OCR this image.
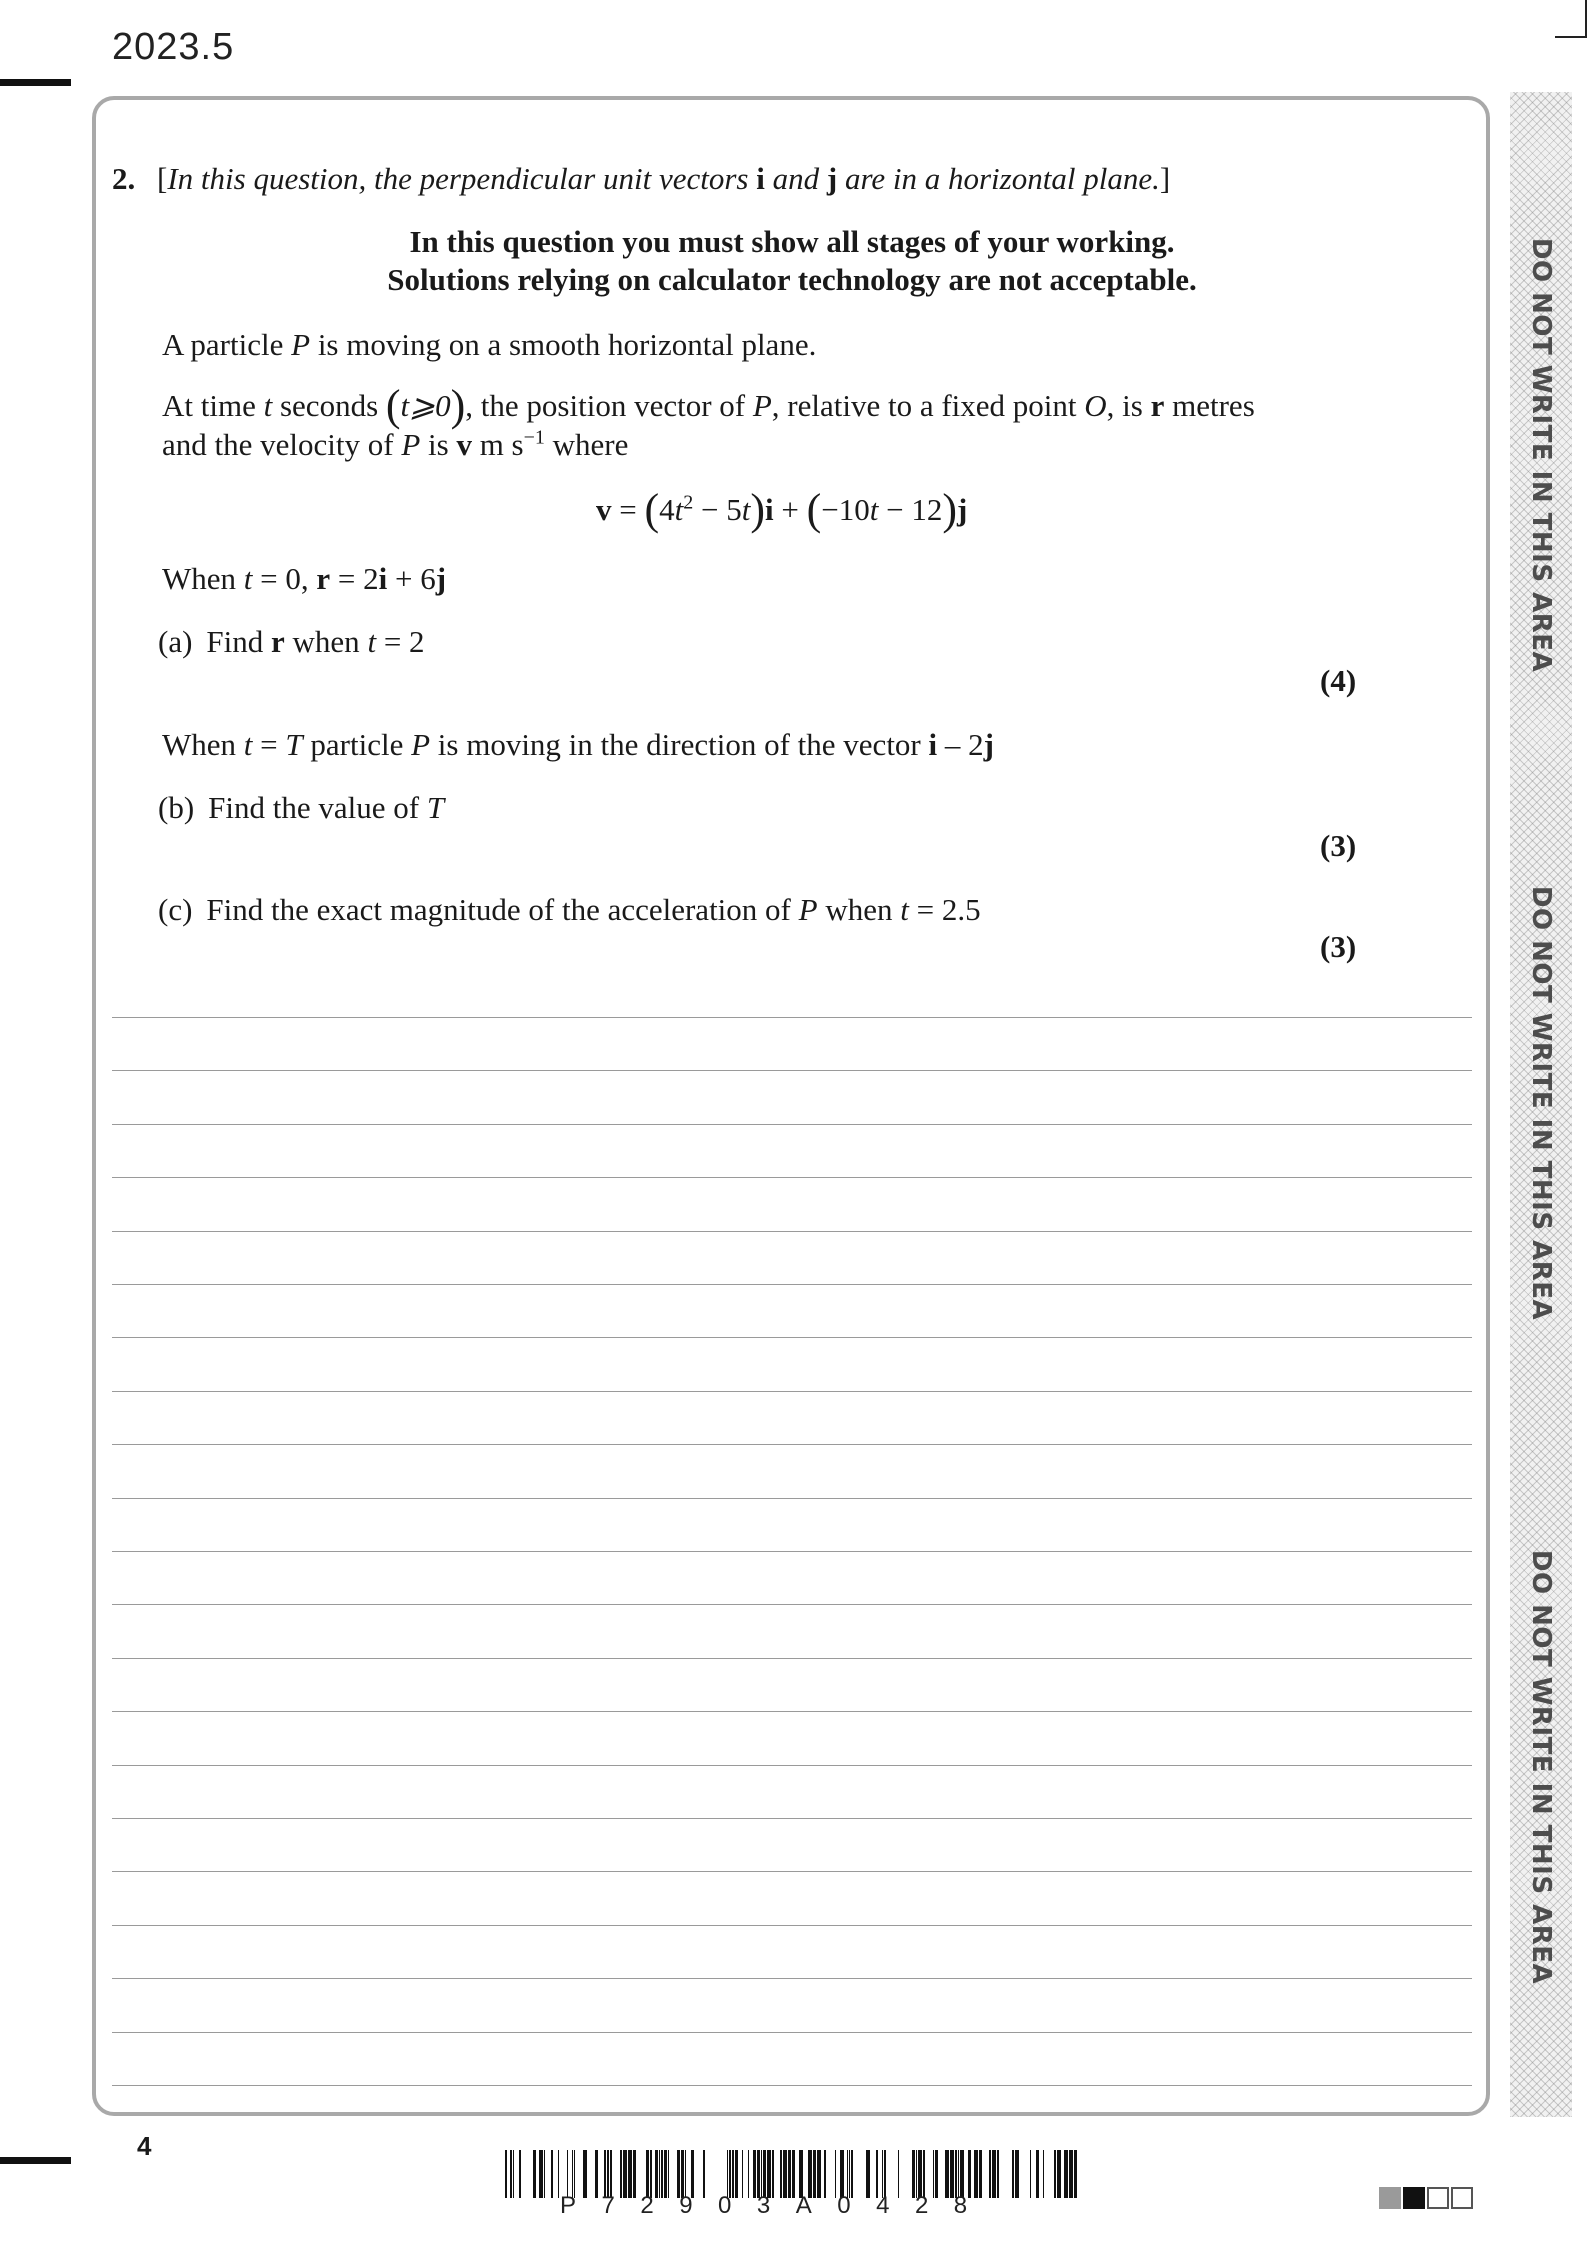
2023.5
DO NOT WRITE IN THIS AREA
DO NOT WRITE IN THIS AREA
DO NOT WRITE IN THIS AREA
2. [In this question, the perpendicular unit vectors i and j are in a horizontal plane.]
In this question you must show all stages of your working.
Solutions relying on calculator technology are not acceptable.
A particle P is moving on a smooth horizontal plane.
At time t seconds (t⩾0), the position vector of P, relative to a fixed point O, is r metres
and the velocity of P is v m $s^{-1}$ where
$v = (4t^2 - 5t)i + (-10t - 12)j$
When t = 0, r = 2i + 6j
(a) Find r when t = 2
(4)
When t = T particle P is moving in the direction of the vector i – 2j
(b) Find the value of T
(3)
(c) Find the exact magnitude of the acceleration of P when t = 2.5
(3)
4
P72903A0428
